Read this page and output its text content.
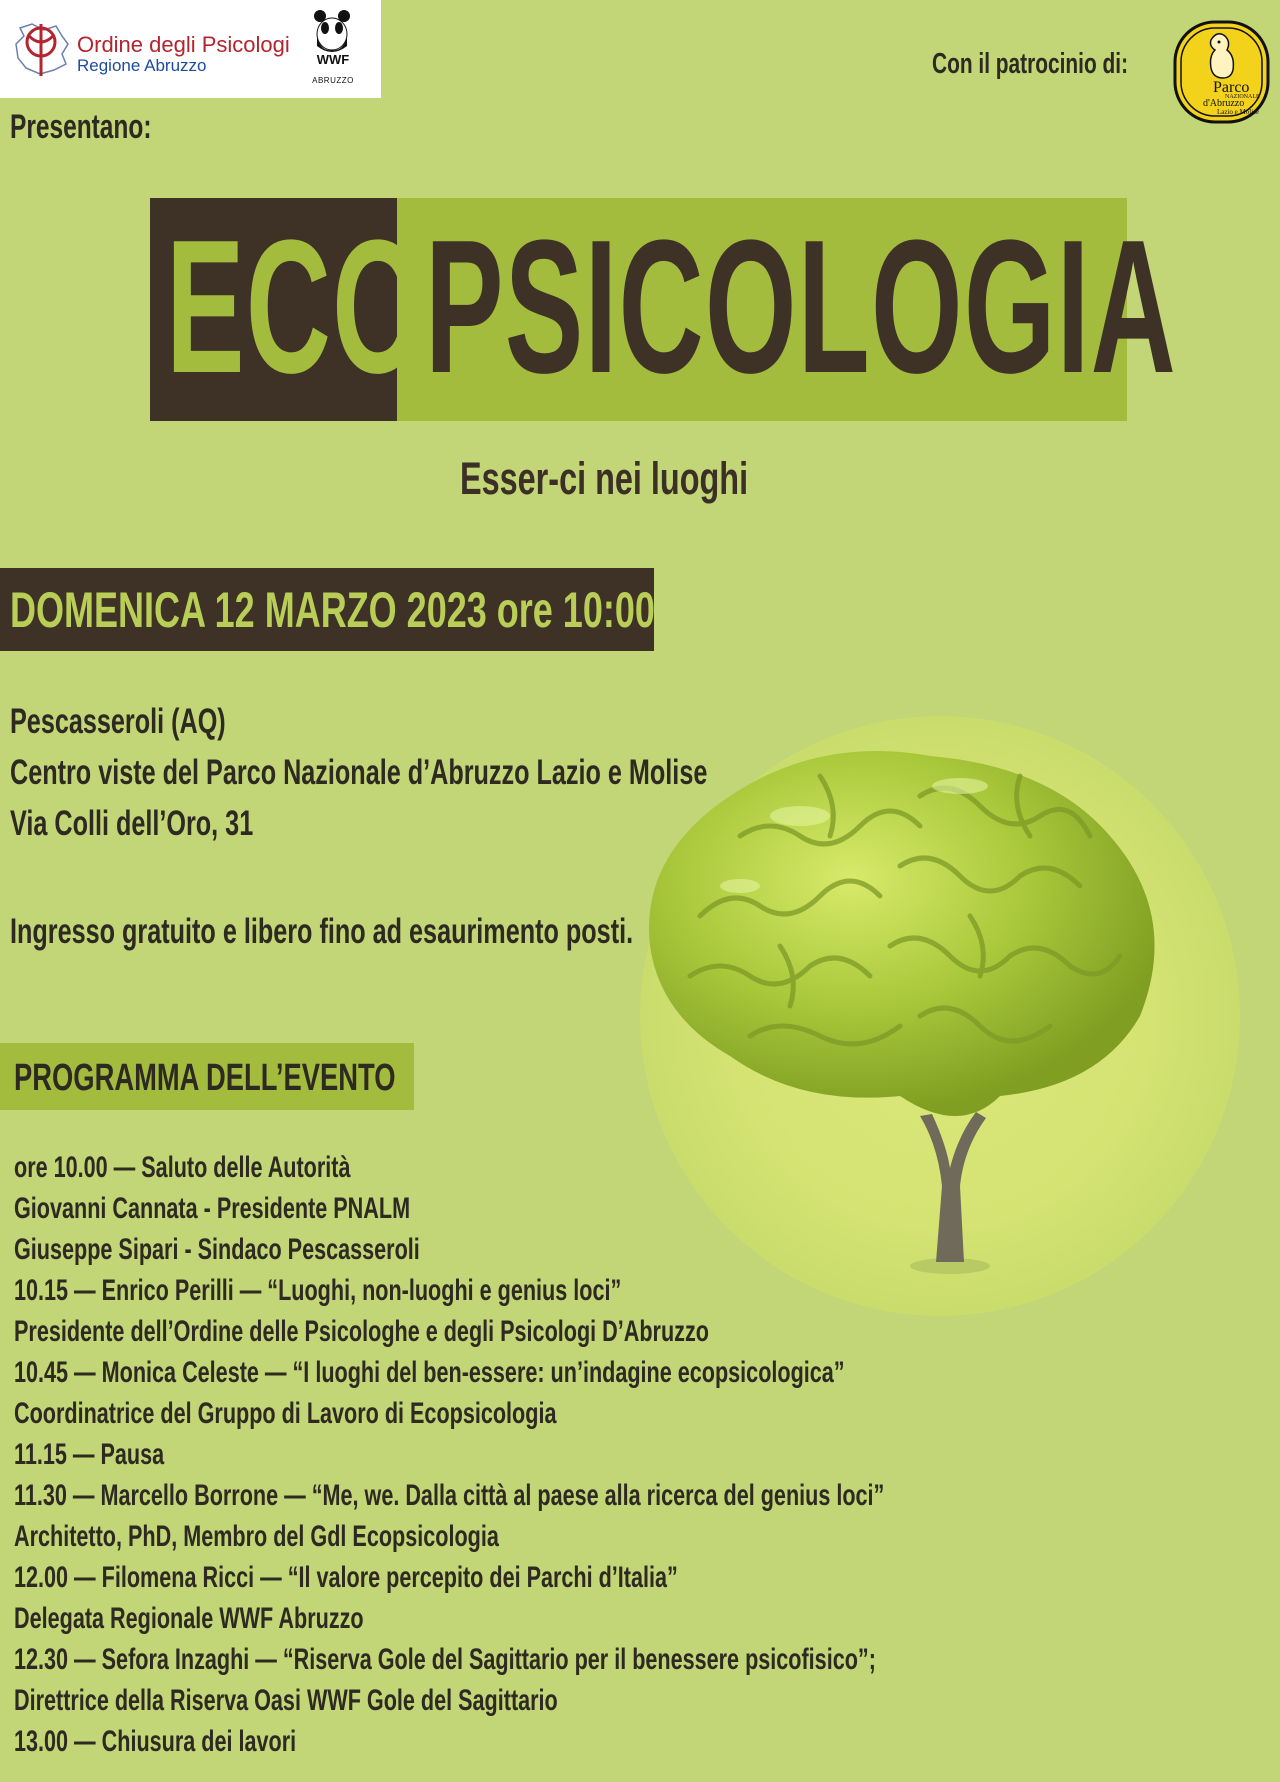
Ordine degli Psicologi
Regione Abruzzo	WWF
ABRUZZO
Con il patrocinio di:
Parco
NAZIONALE
d'Abruzzo
Lazio e Molise
Presentano:
ECOPSICOLOGIA
Esser-ci nei luoghi
DOMENICA 12 MARZO 2023 ore 10:00
Pescasseroli (AQ)
Centro viste del Parco Nazionale d’Abruzzo Lazio e Molise
Via Colli dell’Oro, 31
Ingresso gratuito e libero fino ad esaurimento posti.
PROGRAMMA DELL’EVENTO
ore 10.00 — Saluto delle Autorità
Giovanni Cannata - Presidente PNALM
Giuseppe Sipari - Sindaco Pescasseroli
10.15 — Enrico Perilli — “Luoghi, non-luoghi e genius loci”
Presidente dell’Ordine delle Psicologhe e degli Psicologi D’Abruzzo
10.45 — Monica Celeste — “I luoghi del ben-essere: un’indagine ecopsicologica”
Coordinatrice del Gruppo di Lavoro di Ecopsicologia
11.15 — Pausa
11.30 — Marcello Borrone — “Me, we. Dalla città al paese alla ricerca del genius loci”
Architetto, PhD, Membro del Gdl Ecopsicologia
12.00 — Filomena Ricci — “Il valore percepito dei Parchi d’Italia”
Delegata Regionale WWF Abruzzo
12.30 — Sefora Inzaghi — “Riserva Gole del Sagittario per il benessere psicofisico”;
Direttrice della Riserva Oasi WWF Gole del Sagittario
13.00 — Chiusura dei lavori
